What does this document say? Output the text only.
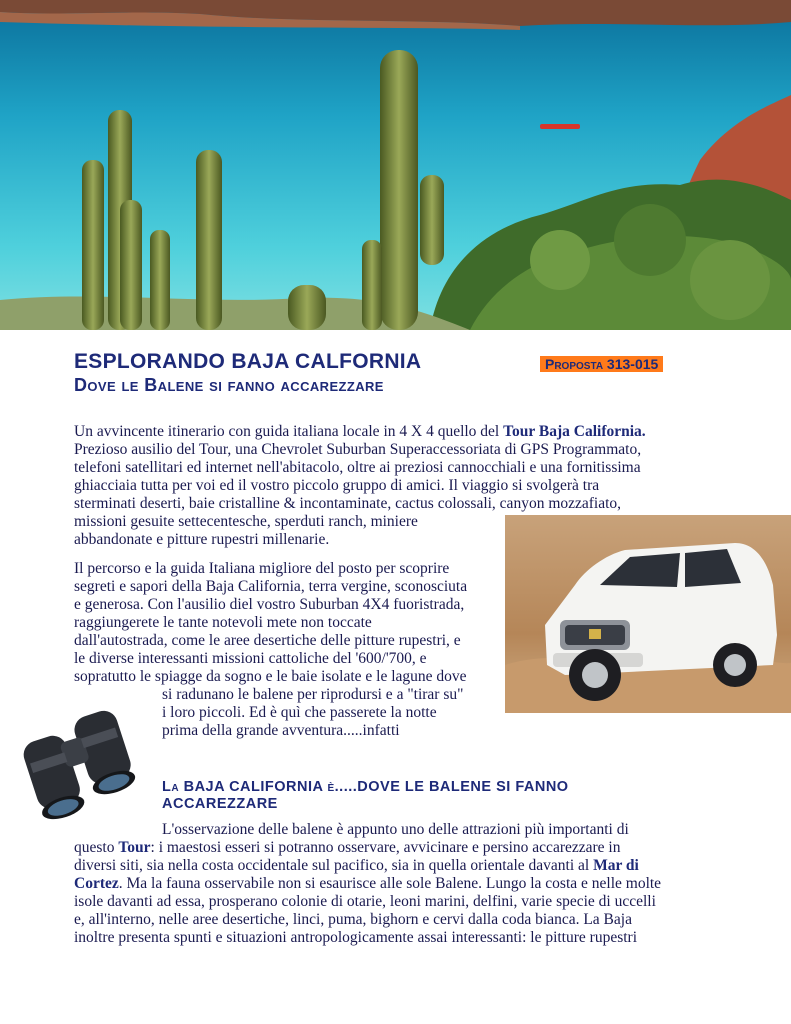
ESPLORANDO BAJA CALFORNIA
Dove le Balene si fanno accarezzare
Proposta 313-015

Un avvincente itinerario con guida italiana locale in 4 X 4 quello del Tour Baja California.
Prezioso ausilio del Tour, una Chevrolet Suburban Superaccessoriata di GPS Programmato,
telefoni satellitari ed internet nell'abitacolo, oltre ai preziosi cannocchiali e una fornitissima
ghiacciaia tutta per voi ed il vostro piccolo gruppo di amici. Il viaggio si svolgerà tra
sterminati deserti, baie cristalline & incontaminate, cactus colossali, canyon mozzafiato,
missioni gesuite settecentesche, sperduti ranch, miniere
abbandonate e pitture rupestri millenarie.

Il percorso e la guida Italiana migliore del posto per scoprire
segreti e sapori della Baja California, terra vergine, sconosciuta
e generosa. Con l'ausilio diel vostro Suburban 4X4 fuoristrada,
raggiungerete le tante notevoli mete non toccate
dall'autostrada, come le aree desertiche delle pitture rupestri, e
le diverse interessanti missioni cattoliche del '600/'700, e
sopratutto le spiagge da sogno e le baie isolate e le lagune dove
si radunano le balene per riprodursi e a "tirar su"
i loro piccoli. Ed è quì che passerete la notte
prima della grande avventura.....infatti

La BAJA CALIFORNIA è.....DOVE LE BALENE SI FANNO
ACCAREZZARE

L'osservazione delle balene è appunto uno delle attrazioni più importanti di
questo Tour: i maestosi esseri si potranno osservare, avvicinare e persino accarezzare in
diversi siti, sia nella costa occidentale sul pacifico, sia in quella orientale davanti al Mar di
Cortez. Ma la fauna osservabile non si esaurisce alle sole Balene. Lungo la costa e nelle molte
isole davanti ad essa, prosperano colonie di otarie, leoni marini, delfini, varie specie di uccelli
e, all'interno, nelle aree desertiche, linci, puma, bighorn e cervi dalla coda bianca. La Baja
inoltre presenta spunti e situazioni antropologicamente assai interessanti: le pitture rupestri
